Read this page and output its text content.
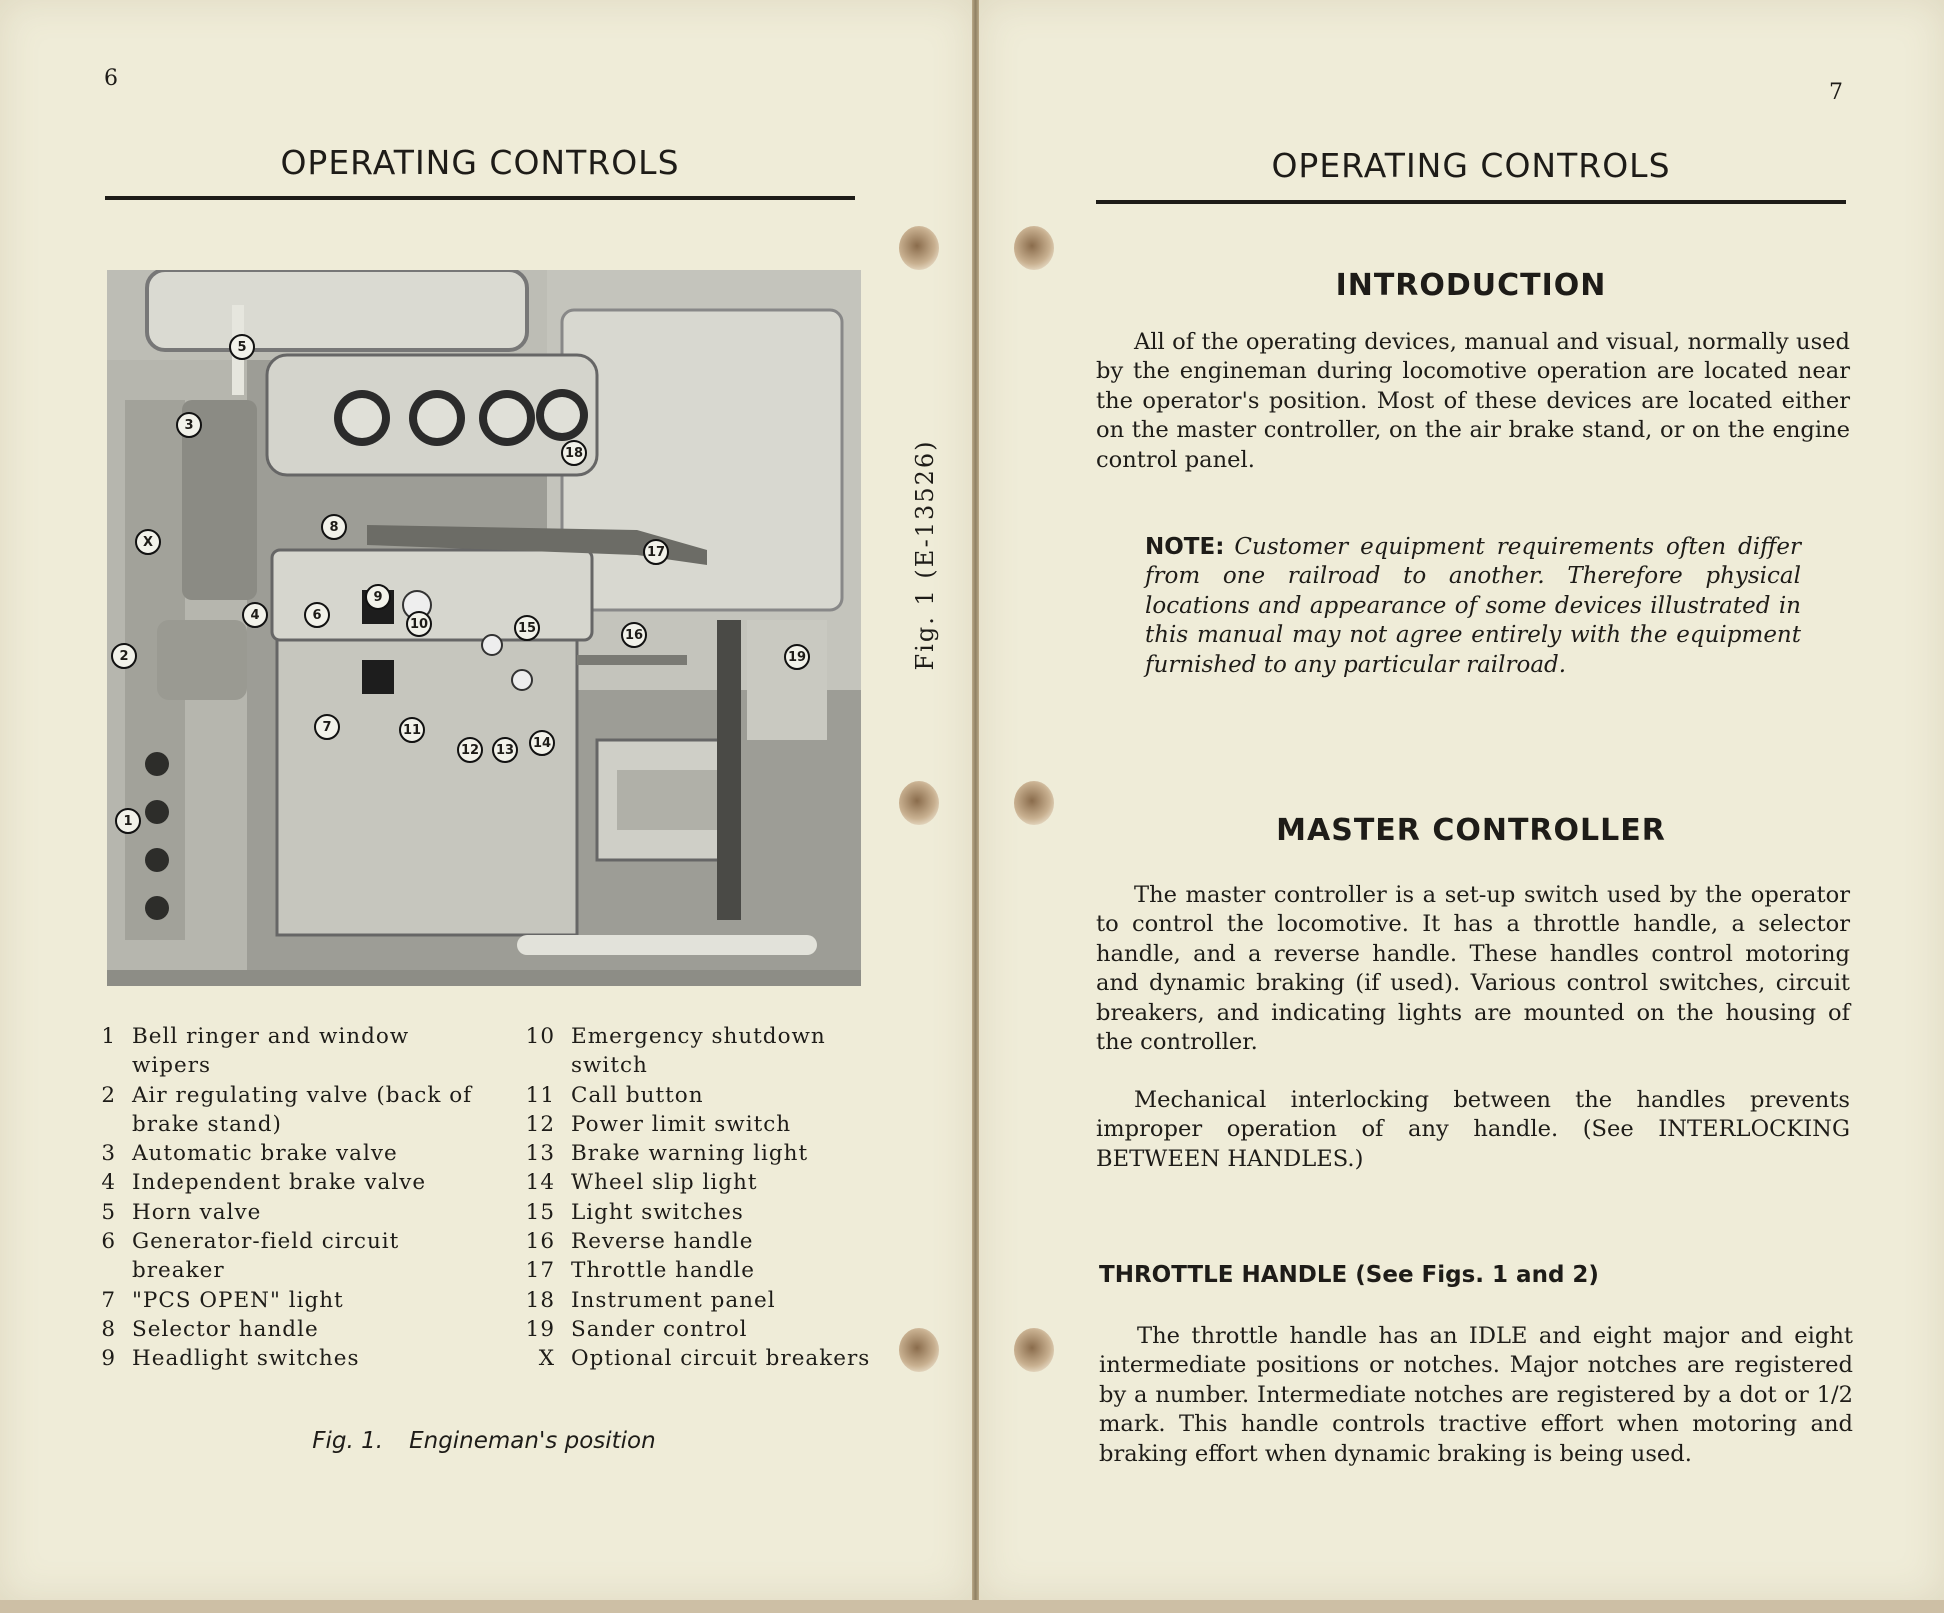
6
OPERATING CONTROLS
5
3
18
8
17
X
9
10	15	16
19
6
4
2
7	11
12	13	14
1
Fig. 1 (E-13526)
1 Bell ringer and window wipers
2 Air regulating valve (back of brake stand)
3 Automatic brake valve
4 Independent brake valve
5 Horn valve
6 Generator-field circuit breaker
7 "PCS OPEN" light
8 Selector handle
9 Headlight switches
10 Emergency shutdown switch
11 Call button
12 Power limit switch
13 Brake warning light
14 Wheel slip light
15 Light switches
16 Reverse handle
17 Throttle handle
18 Instrument panel
19 Sander control
X Optional circuit breakers
Fig. 1. Engineman's position
7
OPERATING CONTROLS
INTRODUCTION
All of the operating devices, manual and visual, normally used by the engineman during locomotive operation are located near the operator's position. Most of these devices are located either on the master controller, on the air brake stand, or on the engine control panel.
NOTE: Customer equipment requirements often differ from one railroad to another. Therefore physical locations and appearance of some devices illustrated in this manual may not agree entirely with the equipment furnished to any particular railroad.
MASTER CONTROLLER
The master controller is a set-up switch used by the operator to control the locomotive. It has a throttle handle, a selector handle, and a reverse handle. These handles control motoring and dynamic braking (if used). Various control switches, circuit breakers, and indicating lights are mounted on the housing of the controller.
Mechanical interlocking between the handles prevents improper operation of any handle. (See INTERLOCKING BETWEEN HANDLES.)
THROTTLE HANDLE (See Figs. 1 and 2)
The throttle handle has an IDLE and eight major and eight intermediate positions or notches. Major notches are registered by a number. Intermediate notches are registered by a dot or 1/2 mark. This handle controls tractive effort when motoring and braking effort when dynamic braking is being used.
